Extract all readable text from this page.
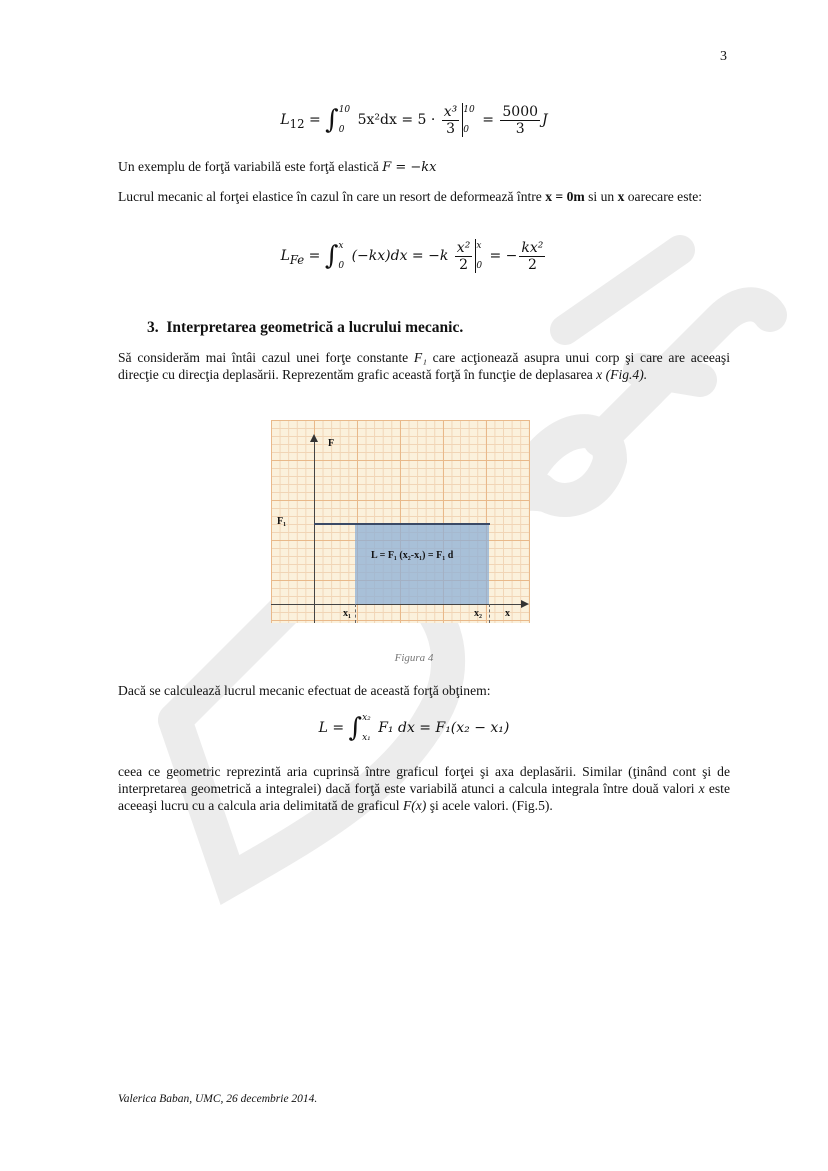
3
$L_{12}$ = ∫ 10
0
$5x^2dx = 5 \cdot \frac{\text{x³}}{3} 10$
0
= $\frac{5000}{3}$ J
Un exemplu de forţă variabilă este forţă elastică F = −kx
Lucrul mecanic al forţei elastice în cazul în care un resort de deformează între x = 0m si un x oarecare este:
$L_{Fe}$ = ∫ x
0
$(-kx)dx = -k \frac{\text{x²}}{2}$ x
0
= − $\frac{\text{kx²}}{2}$
3. Interpretarea geometrică a lucrului mecanic.
Să considerăm mai întâi cazul unei forţe constante F₁ care acţionează asupra unui corp şi care are aceeaşi direcţie cu direcţia deplasării. Reprezentăm grafic această forţă în funcţie de deplasarea x (Fig.4).
F
F₁
x₁	x₂ x
L = F₁ (x₂-x₁) = F₁ d
Figura 4
Dacă se calculează lucrul mecanic efectuat de această forţă obţinem:
L = ∫ x₂
x₁
F₁ dx = F₁(x₂ − x₁)
ceea ce geometric reprezintă aria cuprinsă între graficul forţei şi axa deplasării. Similar (ţinând cont şi de interpretarea geometrică a integralei) dacă forţă este variabilă atunci a calcula integrala între două valori x este aceeaşi lucru cu a calcula aria delimitată de graficul F(x) şi acele valori. (Fig.5).
Valerica Baban, UMC, 26 decembrie 2014.
